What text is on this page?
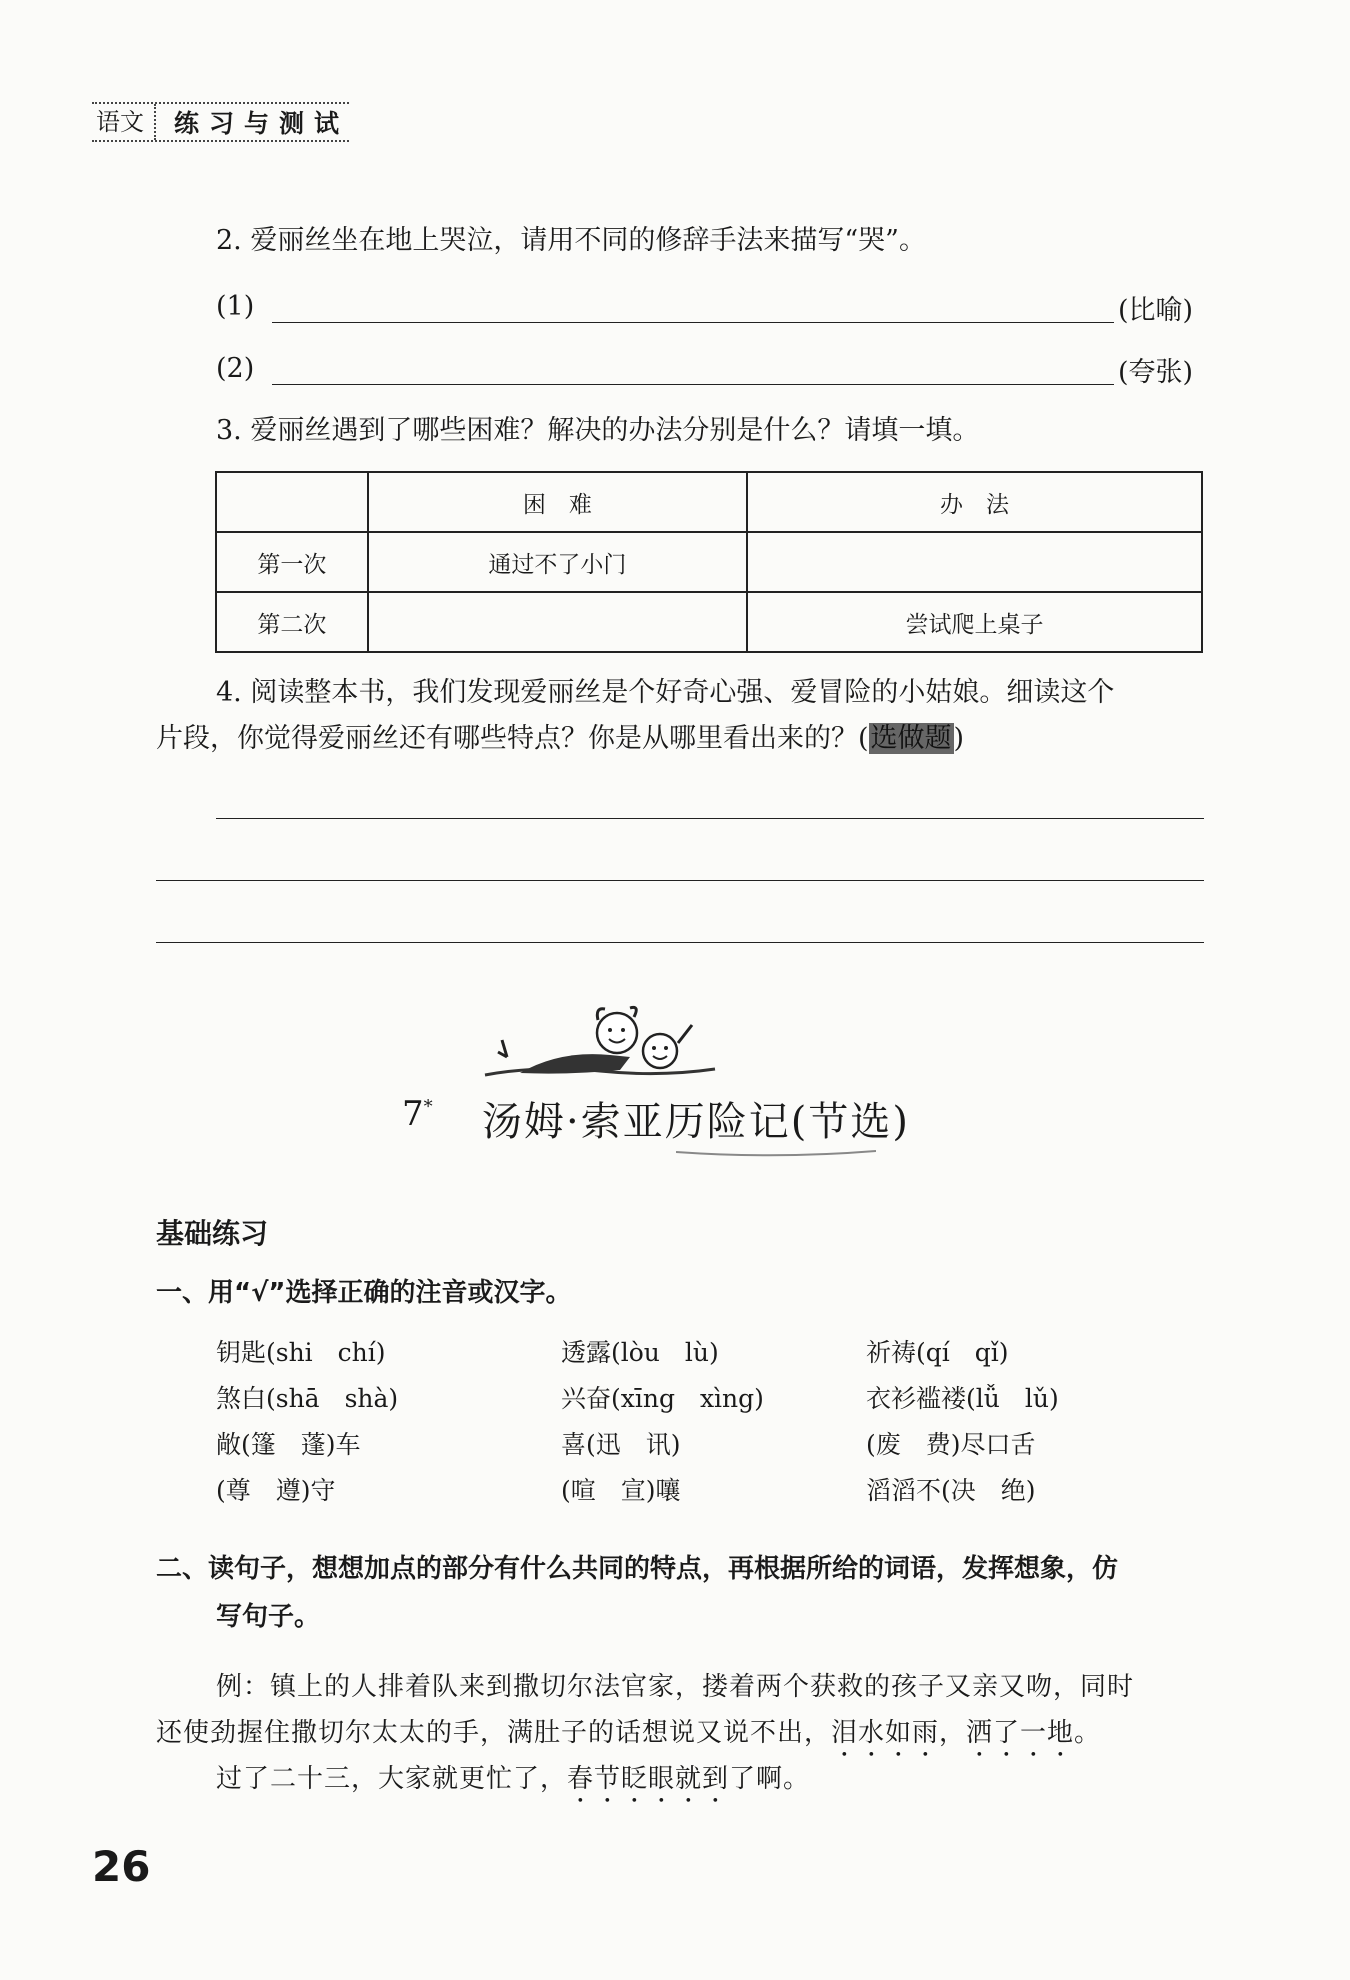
语文	练习与测试
2. 爱丽丝坐在地上哭泣，请用不同的修辞手法来描写“哭”。
(1)	(比喻)
(2)	(夸张)
3. 爱丽丝遇到了哪些困难？解决的办法分别是什么？请填一填。
	困　难	办　法
第一次	通过不了小门	
第二次		尝试爬上桌子
4. 阅读整本书，我们发现爱丽丝是个好奇心强、爱冒险的小姑娘。细读这个
片段，你觉得爱丽丝还有哪些特点？你是从哪里看出来的？(选做题)
7* 汤姆·索亚历险记(节选)
基础练习
一、用“√”选择正确的注音或汉字。
钥匙(shi　chí)	透露(lòu　lù)	祈祷(qí　qǐ)
煞白(shā　shà)	兴奋(xīng　xìng)	衣衫褴褛(lǚ　lǔ)
敞(篷　蓬)车	喜(迅　讯)	(废　费)尽口舌
(尊　遵)守	(喧　宣)嚷	滔滔不(决　绝)
二、读句子，想想加点的部分有什么共同的特点，再根据所给的词语，发挥想象，仿
写句子。
例：镇上的人排着队来到撒切尔法官家，搂着两个获救的孩子又亲又吻，同时
还使劲握住撒切尔太太的手，满肚子的话想说又说不出，泪水如雨，洒了一地。
过了二十三，大家就更忙了，春节眨眼就到了啊。
26
